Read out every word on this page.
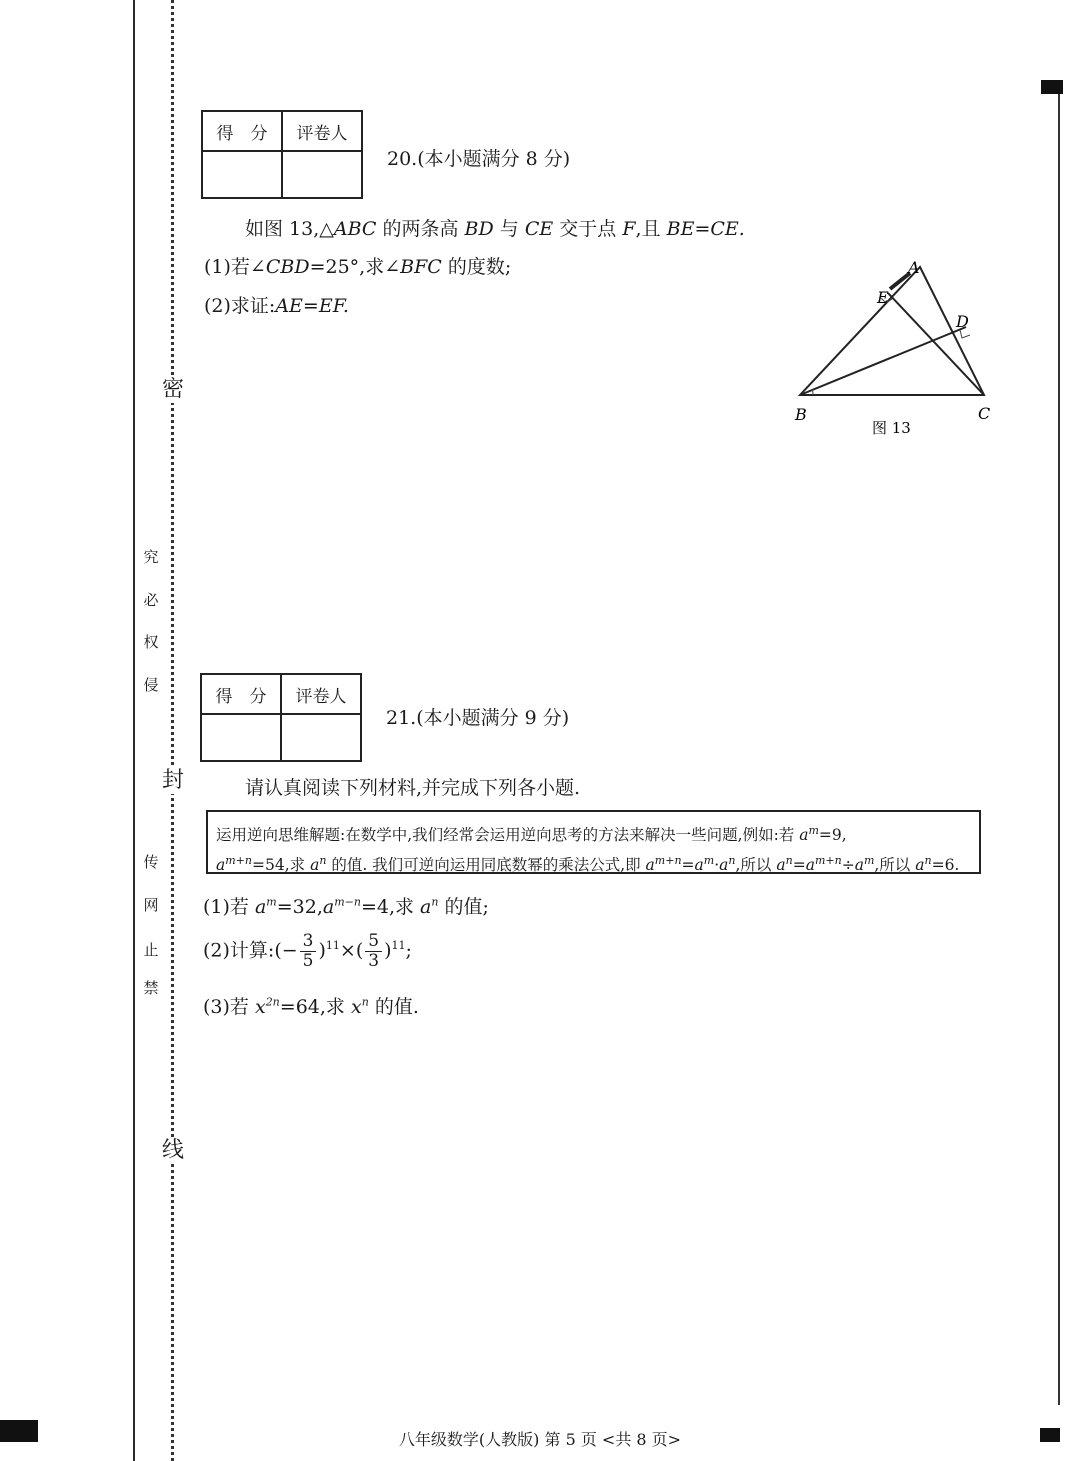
密
封
线
侵
权
必
究
禁
止
网
传
得　分	评卷人

20.(本小题满分 8 分)
如图 13,△ABC 的两条高 BD 与 CE 交于点 F,且 BE=CE.
(1)若∠CBD=25°,求∠BFC 的度数;
(2)求证:AE=EF.
A
E
D
B	C
图 13
得　分	评卷人

21.(本小题满分 9 分)
请认真阅读下列材料,并完成下列各小题.
运用逆向思维解题:在数学中,我们经常会运用逆向思考的方法来解决一些问题,例如:若 $a^m=9$,
$a^{m+n}=54$,求 $a^n$ 的值. 我们可逆向运用同底数幂的乘法公式,即 $a^{m+n}=a^m\cdot a^n$,所以 $a^n=a^{m+n}\div a^m$,所以 $a^n=6$.
(1)若 $a^m=32,a^{m-n}=4$,求 $a^n$ 的值;
(2)计算:(− $\frac{3}{5} )^{11}\times( \frac{5}{3} )^{11}$;
(3)若 $x^{2n}=64$,求 $x^n$ 的值.
八年级数学(人教版) 第 5 页 <共 8 页>
